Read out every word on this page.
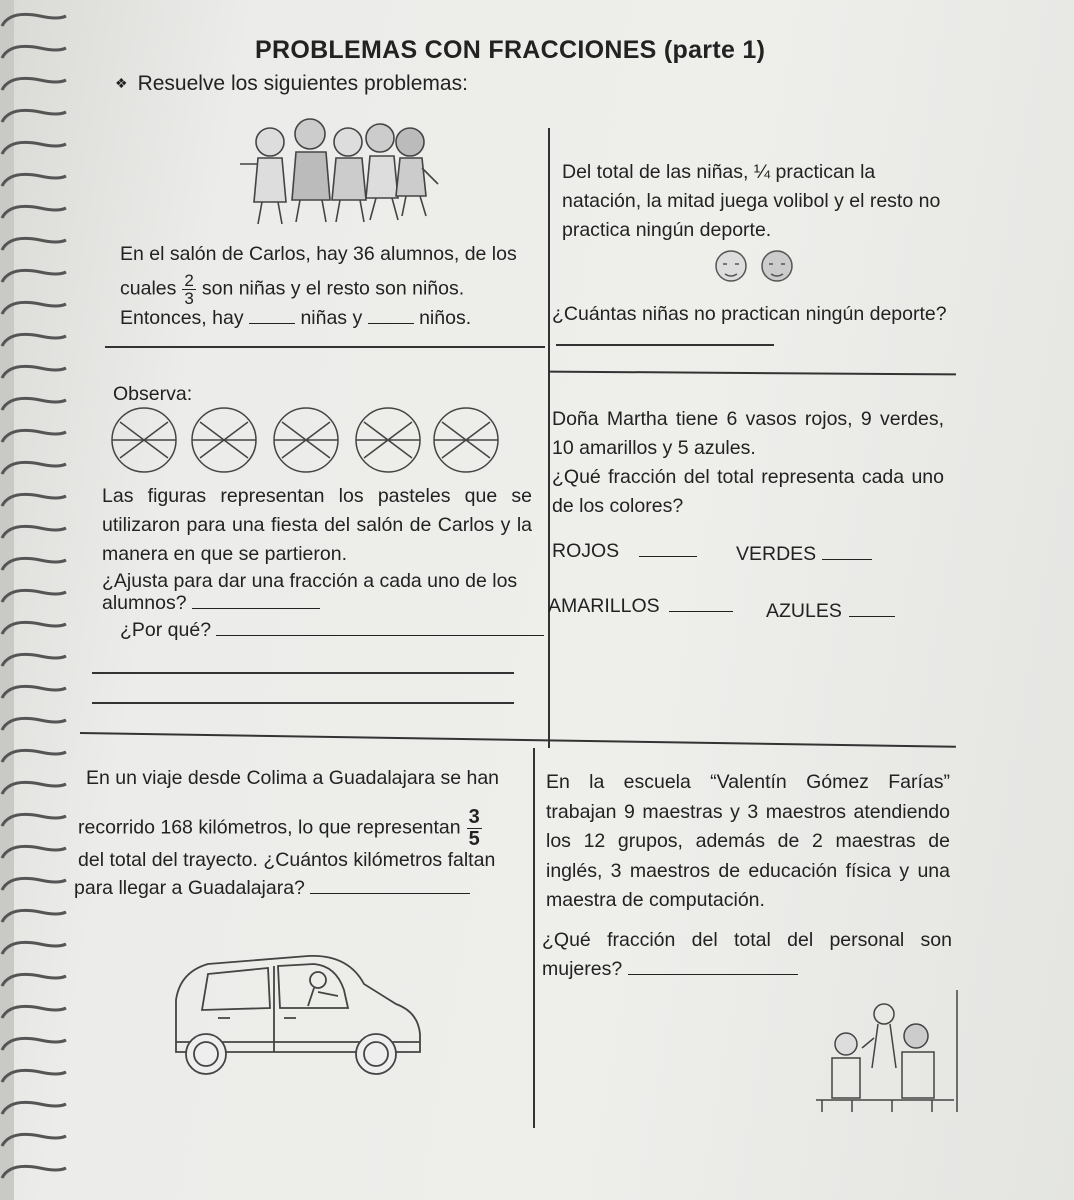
PROBLEMAS CON FRACCIONES (parte 1)
❖ Resuelve los siguientes problemas:
En el salón de Carlos, hay 36 alumnos, de los
cuales $\frac{2}{3}$ son niñas y el resto son niños.
Entonces, hay	niñas y	niños.
Del total de las niñas, ¼ practican la
natación, la mitad juega volibol y el resto no
practica ningún deporte.
¿Cuántas niñas no practican ningún deporte?
Observa:
Las figuras representan los pasteles que se utilizaron para una fiesta del salón de Carlos y la manera en que se partieron.
¿Ajusta para dar una fracción a cada uno de los
alumnos?
¿Por qué?
Doña Martha tiene 6 vasos rojos, 9 verdes, 10 amarillos y 5 azules.
¿Qué fracción del total representa cada uno de los colores?
ROJOS	VERDES
AMARILLOS	AZULES
En un viaje desde Colima a Guadalajara se han
recorrido 168 kilómetros, lo que representan $\frac{3}{5}$
del total del trayecto. ¿Cuántos kilómetros faltan
para llegar a Guadalajara?
En la escuela “Valentín Gómez Farías” trabajan 9 maestras y 3 maestros atendiendo los 12 grupos, además de 2 maestras de inglés, 3 maestros de educación física y una maestra de computación.
¿Qué fracción del total del personal son mujeres?
